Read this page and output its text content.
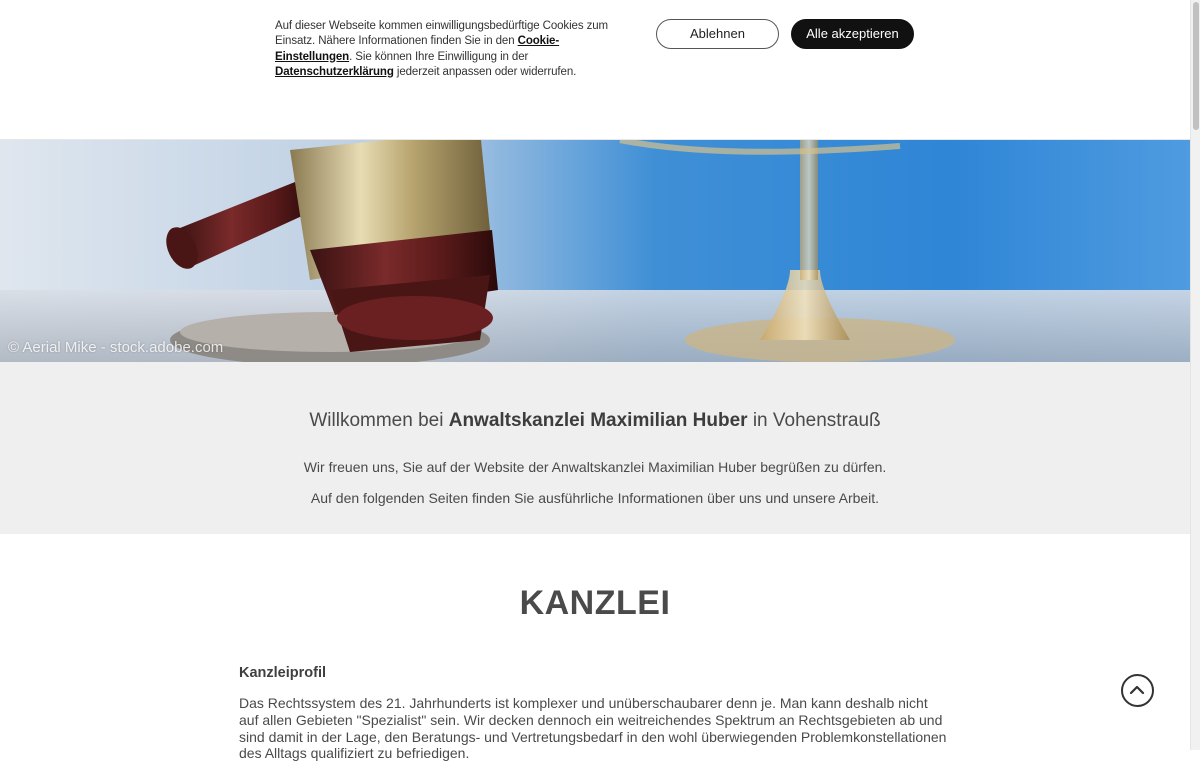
Auf dieser Webseite kommen einwilligungsbedürftige Cookies zum Einsatz. Nähere Informationen finden Sie in den Cookie-Einstellungen. Sie können Ihre Einwilligung in der Datenschutzerklärung jederzeit anpassen oder widerrufen.
Ablehnen	Alle akzeptieren
© Aerial Mike - stock.adobe.com
Willkommen bei Anwaltskanzlei Maximilian Huber in Vohenstrauß
Wir freuen uns, Sie auf der Website der Anwaltskanzlei Maximilian Huber begrüßen zu dürfen.
Auf den folgenden Seiten finden Sie ausführliche Informationen über uns und unsere Arbeit.
KANZLEI
Kanzleiprofil
Das Rechtssystem des 21. Jahrhunderts ist komplexer und unüberschaubarer denn je. Man kann deshalb nicht auf allen Gebieten "Spezialist" sein. Wir decken dennoch ein weitreichendes Spektrum an Rechtsgebieten ab und sind damit in der Lage, den Beratungs- und Vertretungsbedarf in den wohl überwiegenden Problemkonstellationen des Alltags qualifiziert zu befriedigen.
